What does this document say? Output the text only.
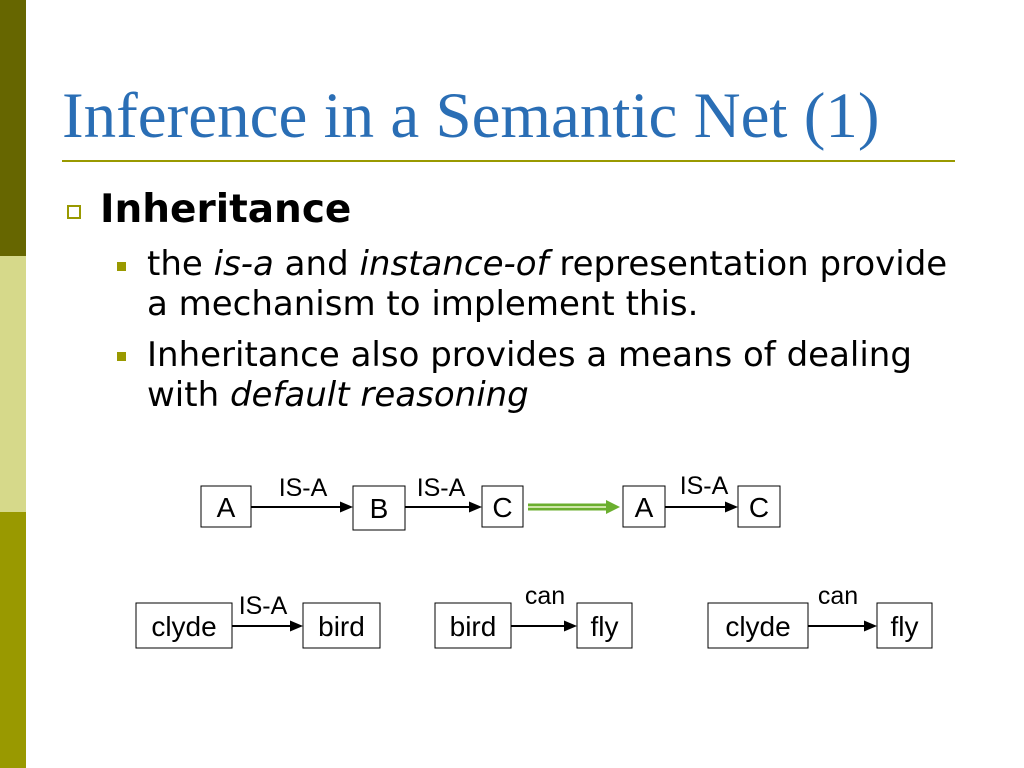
Inference in a Semantic Net (1)
Inheritance
the is-a and instance-of representation provide
a mechanism to implement this.
Inheritance also provides a means of dealing
with default reasoning
A
IS-A
B
IS-A
C	A
IS-A
C
clyde
IS-A
bird	bird
can
fly	clyde
can
fly
